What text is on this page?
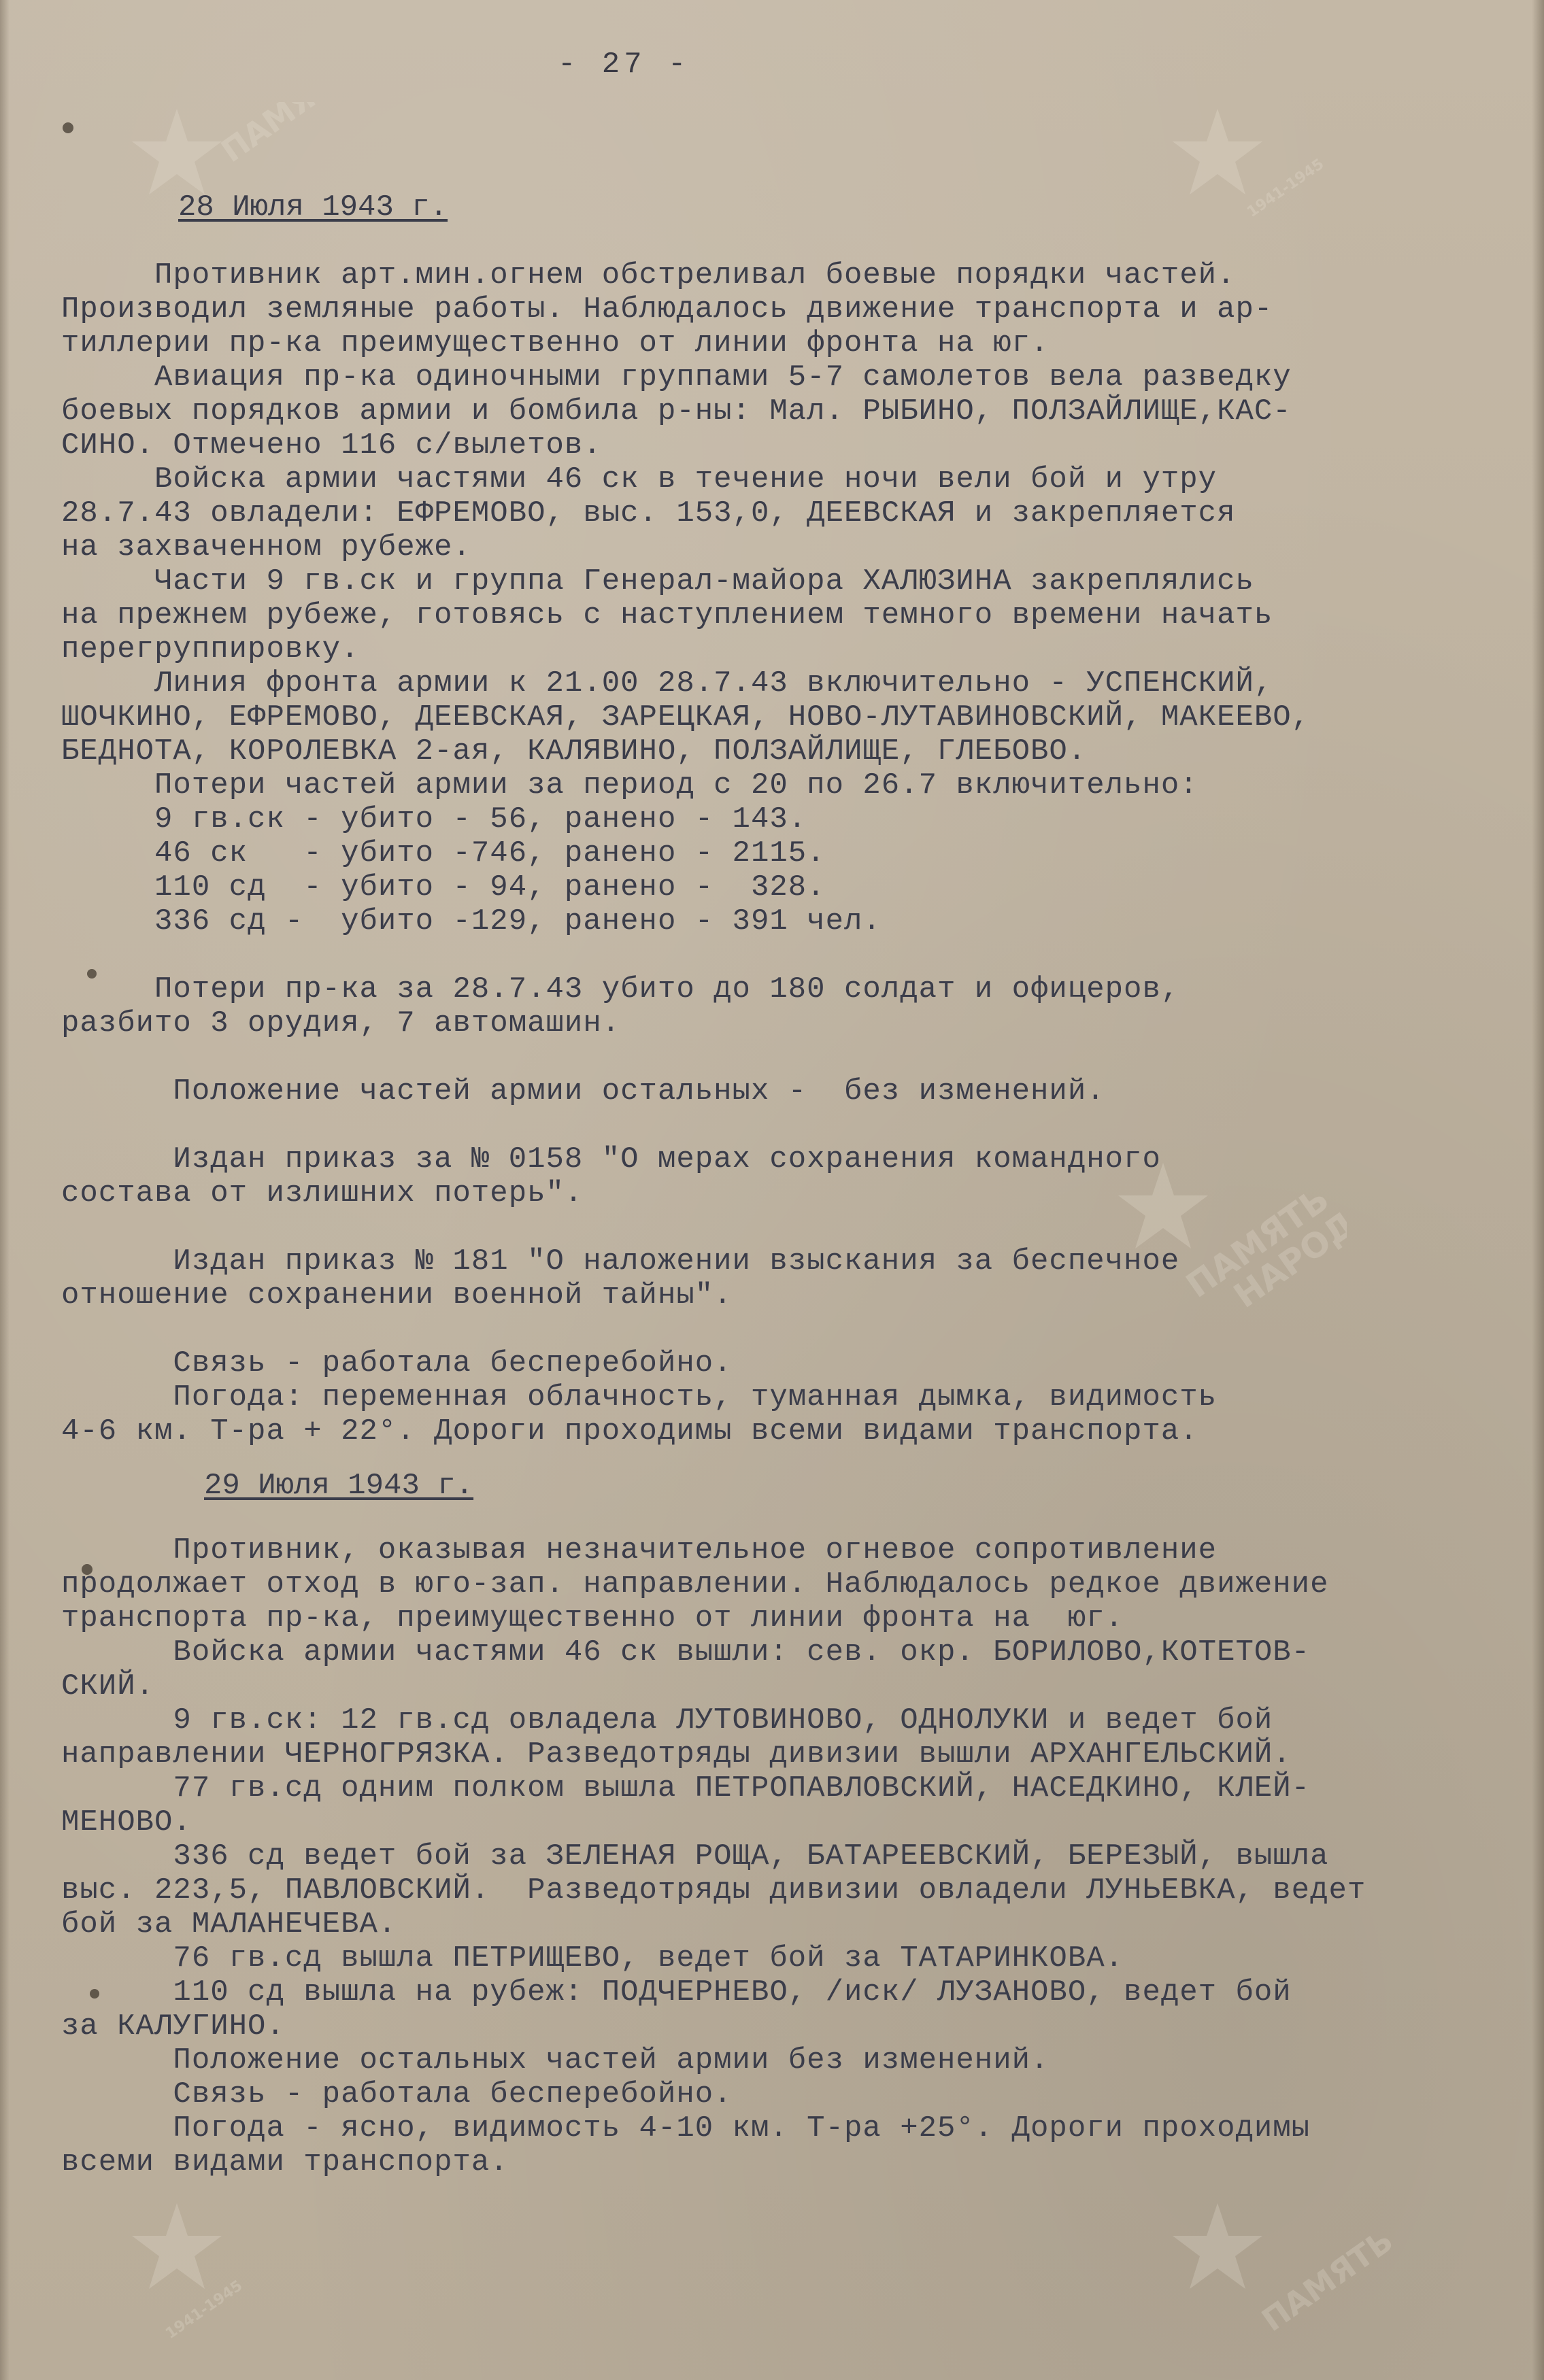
ПАМЯТЬ
1941-1945
ПАМЯТЬ
НАРОДА
1941-1945	ПАМЯТЬ
- 27 -
28 Июля 1943 г.
Противник арт.мин.огнем обстреливал боевые порядки частей.
Производил земляные работы. Наблюдалось движение транспорта и ар-
тиллерии пр-ка преимущественно от линии фронта на юг.
Авиация пр-ка одиночными группами 5-7 самолетов вела разведку
боевых порядков армии и бомбила р-ны: Мал. РЫБИНО, ПОЛЗАЙЛИЩЕ,КАС-
СИНО. Отмечено 116 с/вылетов.
Войска армии частями 46 ск в течение ночи вели бой и утру
28.7.43 овладели: ЕФРЕМОВО, выс. 153,0, ДЕЕВСКАЯ и закрепляется
на захваченном рубеже.
Части 9 гв.ск и группа Генерал-майора ХАЛЮЗИНА закреплялись
на прежнем рубеже, готовясь с наступлением темного времени начать
перегруппировку.
Линия фронта армии к 21.00 28.7.43 включительно - УСПЕНСКИЙ,
ШОЧКИНО, ЕФРЕМОВО, ДЕЕВСКАЯ, ЗАРЕЦКАЯ, НОВО-ЛУТАВИНОВСКИЙ, МАКЕЕВО,
БЕДНОТА, КОРОЛЕВКА 2-ая, КАЛЯВИНО, ПОЛЗАЙЛИЩЕ, ГЛЕБОВО.
Потери частей армии за период с 20 по 26.7 включительно:
9 гв.ск - убито - 56, ранено - 143.
46 ск   - убито -746, ранено - 2115.
110 сд  - убито - 94, ранено -  328.
336 сд -  убито -129, ранено - 391 чел.
Потери пр-ка за 28.7.43 убито до 180 солдат и офицеров,
разбито 3 орудия, 7 автомашин.
Положение частей армии остальных -  без изменений.
Издан приказ за № 0158 "О мерах сохранения командного
состава от излишних потерь".
Издан приказ № 181 "О наложении взыскания за беспечное
отношение сохранении военной тайны".
Связь - работала бесперебойно.
Погода: переменная облачность, туманная дымка, видимость
4-6 км. Т-ра + 22°. Дороги проходимы всеми видами транспорта.
29 Июля 1943 г.
Противник, оказывая незначительное огневое сопротивление
продолжает отход в юго-зап. направлении. Наблюдалось редкое движение
транспорта пр-ка, преимущественно от линии фронта на  юг.
Войска армии частями 46 ск вышли: сев. окр. БОРИЛОВО,КОТЕТОВ-
СКИЙ.
9 гв.ск: 12 гв.сд овладела ЛУТОВИНОВО, ОДНОЛУКИ и ведет бой
направлении ЧЕРНОГРЯЗКА. Разведотряды дивизии вышли АРХАНГЕЛЬСКИЙ.
77 гв.сд одним полком вышла ПЕТРОПАВЛОВСКИЙ, НАСЕДКИНО, КЛЕЙ-
МЕНОВО.
336 сд ведет бой за ЗЕЛЕНАЯ РОЩА, БАТАРЕЕВСКИЙ, БЕРЕЗЫЙ, вышла
выс. 223,5, ПАВЛОВСКИЙ.  Разведотряды дивизии овладели ЛУНЬЕВКА, ведет
бой за МАЛАНЕЧЕВА.
76 гв.сд вышла ПЕТРИЩЕВО, ведет бой за ТАТАРИНКОВА.
110 сд вышла на рубеж: ПОДЧЕРНЕВО, /иск/ ЛУЗАНОВО, ведет бой
за КАЛУГИНО.
Положение остальных частей армии без изменений.
Связь - работала бесперебойно.
Погода - ясно, видимость 4-10 км. Т-ра +25°. Дороги проходимы
всеми видами транспорта.
